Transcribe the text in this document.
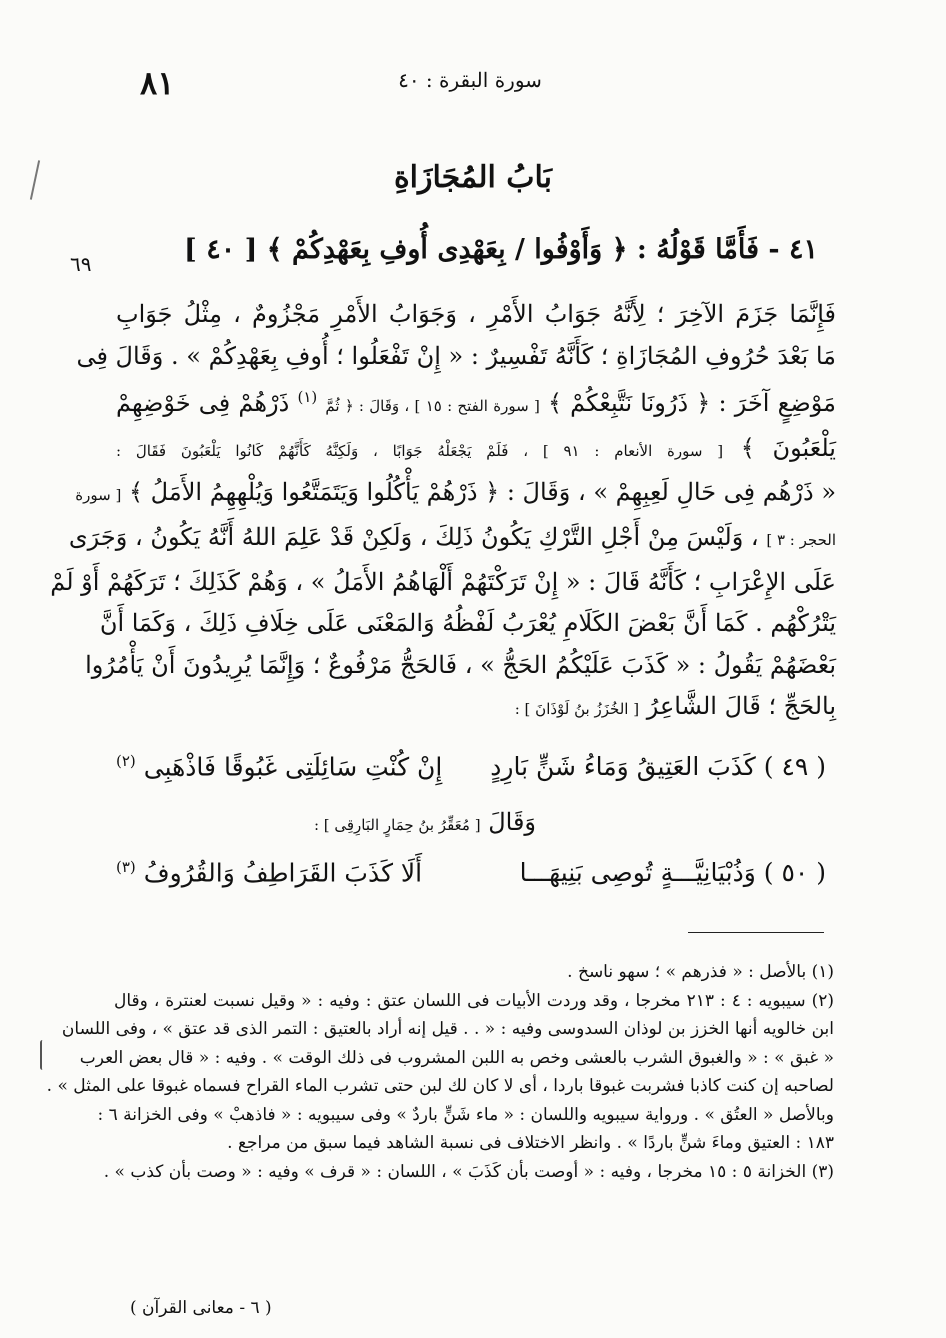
٨١	سورة البقرة : ٤٠
٦٩
بَابُ المُجَازَاةِ
٤١ - فَأَمَّا قَوْلُهُ : ﴿ وَأَوْفُوا / بِعَهْدِى أُوفِ بِعَهْدِكُمْ ﴾ [ ٤٠ ]
فَإِنَّمَا جَزَمَ الآخِرَ ؛ لِأَنَّهُ جَوَابُ الأَمْرِ ، وَجَوَابُ الأَمْرِ مَجْزُومٌ ، مِثْلُ جَوَابِ
مَا بَعْدَ حُرُوفِ المُجَازَاةِ ؛ كَأَنَّهُ تَفْسِيرٌ : « إِنْ تَفْعَلُوا ؛ أُوفِ بِعَهْدِكُمْ » . وَقَالَ فِى
مَوْضِعٍ آخَرَ : ﴿ ذَرُونَا نَتَّبِعْكُمْ ﴾ [ سورة الفتح : ١٥ ] ، وَقَالَ : ﴿ ثُمَّ $^{(١)}$ ذَرْهُمْ فِى خَوْضِهِمْ
يَلْعَبُونَ ﴾ [ سورة الأنعام : ٩١ ] ، فَلَمْ يَجْعَلْهُ جَوَابًا ، وَلَكِنَّهُ كَأَنَّهُمْ كَانُوا يَلْعَبُونَ فَقَالَ :
« ذَرْهُم فِى حَالِ لَعِبِهِمْ » ، وَقَالَ : ﴿ ذَرْهُمْ يَأْكُلُوا وَيَتَمَتَّعُوا وَيُلْهِهِمُ الأَمَلُ ﴾ [ سورة
الحجر : ٣ ] ، وَلَيْسَ مِنْ أَجْلِ التَّرْكِ يَكُونُ ذَلِكَ ، وَلَكِنْ قَدْ عَلِمَ اللهُ أَنَّهُ يَكُونُ ، وَجَرَى
عَلَى الإِعْرَابِ ؛ كَأَنَّهُ قَالَ : « إِنْ تَرَكْتَهُمْ أَلْهَاهُمُ الأَمَلُ » ، وَهُمْ كَذَلِكَ ؛ تَرَكَهُمْ أَوْ لَمْ
يَتْرُكْهُم . كَمَا أَنَّ بَعْضَ الكَلَامِ يُعْرَبُ لَفْظُهُ وَالمَعْنَى عَلَى خِلَافِ ذَلِكَ ، وَكَمَا أَنَّ
بَعْضَهُمْ يَقُولُ : « كَذَبَ عَلَيْكُمُ الحَجُّ » ، فَالحَجُّ مَرْفُوعٌ ؛ وَإِنَّمَا يُرِيدُونَ أَنْ يَأْمُرُوا
بِالحَجِّ ؛ قَالَ الشَّاعِرُ [ الخُزَزُ بنُ لَوْذَانَ ] :
( ٤٩ ) كَذَبَ العَتِيقُ وَمَاءُ شَنٍّ بَارِدٍ
إِنْ كُنْتِ سَائِلَتِى غَبُوقًا فَاذْهَبِى $^{(٢)}$
وَقَالَ [ مُعَقِّرُ بنُ حِمَارٍ البَارِقِى ] :
( ٥٠ ) وَذُبْيَانِيَّـــةٍ تُوصِى بَنِيهَـــا
أَلَا كَذَبَ القَرَاطِفُ وَالقُرُوفُ $^{(٣)}$
(١) بالأصل : « فذرهم » ؛ سهو ناسخ .
(٢) سيبويه : ٤ : ٢١٣ مخرجا ، وقد وردت الأبيات فى اللسان عتق : وفيه : « وقيل نسبت لعنترة ، وقال
ابن خالويه أنها الخزز بن لوذان السدوسى وفيه : « . . قيل إنه أراد بالعتيق : التمر الذى قد عتق » ، وفى اللسان
« غبق » : « والغبوق الشرب بالعشى وخص به اللبن المشروب فى ذلك الوقت » . وفيه : « قال بعض العرب
لصاحبه إن كنت كاذبا فشربت غبوقا باردا ، أى لا كان لك لبن حتى تشرب الماء القراح فسماه غبوقا على المثل » .
وبالأصل « العتُق » . ورواية سيبويه واللسان : « ماء شَنٍّ باردٌ » وفى سيبويه : « فاذهبْ » وفى الخزانة ٦ :
١٨٣ : العتيق وماءَ شنٍّ باردًا » . وانظر الاختلاف فى نسبة الشاهد فيما سبق من مراجع .
(٣) الخزانة ٥ : ١٥ مخرجا ، وفيه : « أوصت بأن كَذَبَ » ، اللسان : « قرف » وفيه : « وصت بأن كذب » .
( ٦ - معانى القرآن )
